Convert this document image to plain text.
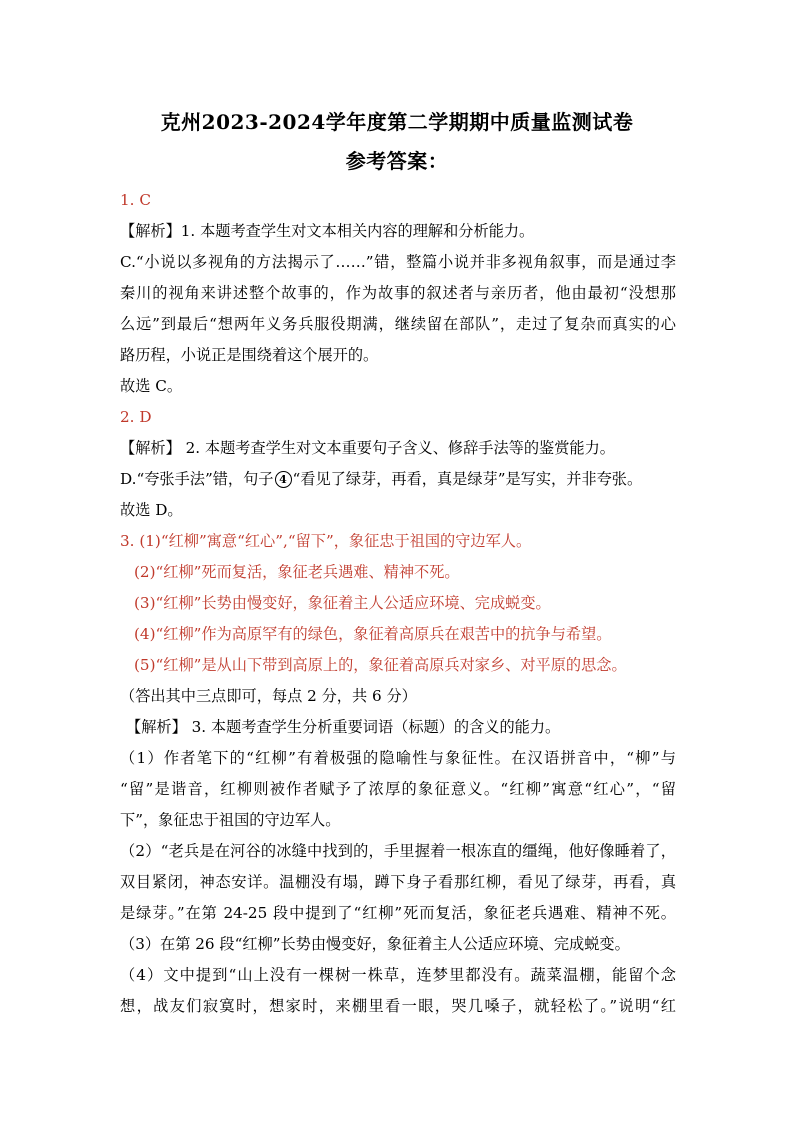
克州2023-2024学年度第二学期期中质量监测试卷
参考答案：
1. C
【解析】1. 本题考查学生对文本相关内容的理解和分析能力。
C.“小说以多视角的方法揭示了……”错，整篇小说并非多视角叙事，而是通过李
秦川的视角来讲述整个故事的，作为故事的叙述者与亲历者，他由最初“没想那
么远”到最后“想两年义务兵服役期满，继续留在部队”，走过了复杂而真实的心
路历程，小说正是围绕着这个展开的。
故选 C。
2. D
【解析】 2. 本题考查学生对文本重要句子含义、修辞手法等的鉴赏能力。
D.“夸张手法”错，句子 4 “看见了绿芽，再看，真是绿芽”是写实，并非夸张。
故选 D。
3. (1)“红柳”寓意“红心”,“留下”，象征忠于祖国的守边军人。
(2)“红柳”死而复活，象征老兵遇难、精神不死。
(3)“红柳”长势由慢变好，象征着主人公适应环境、完成蜕变。
(4)“红柳”作为高原罕有的绿色，象征着高原兵在艰苦中的抗争与希望。
(5)“红柳”是从山下带到高原上的，象征着高原兵对家乡、对平原的思念。
（答出其中三点即可，每点 2 分，共 6 分）
【解析】 3. 本题考查学生分析重要词语（标题）的含义的能力。
（1）作者笔下的“红柳”有着极强的隐喻性与象征性。在汉语拼音中，“柳”与
“留”是谐音，红柳则被作者赋予了浓厚的象征意义。“红柳”寓意“红心”，“留
下”，象征忠于祖国的守边军人。
（2）“老兵是在河谷的冰缝中找到的，手里握着一根冻直的缰绳，他好像睡着了，
双目紧闭，神态安详。温棚没有塌，蹲下身子看那红柳，看见了绿芽，再看，真
是绿芽。”在第 24-25 段中提到了“红柳”死而复活，象征老兵遇难、精神不死。
（3）在第 26 段“红柳”长势由慢变好，象征着主人公适应环境、完成蜕变。
（4）文中提到“山上没有一棵树一株草，连梦里都没有。蔬菜温棚，能留个念
想，战友们寂寞时，想家时，来棚里看一眼，哭几嗓子，就轻松了。”说明“红
